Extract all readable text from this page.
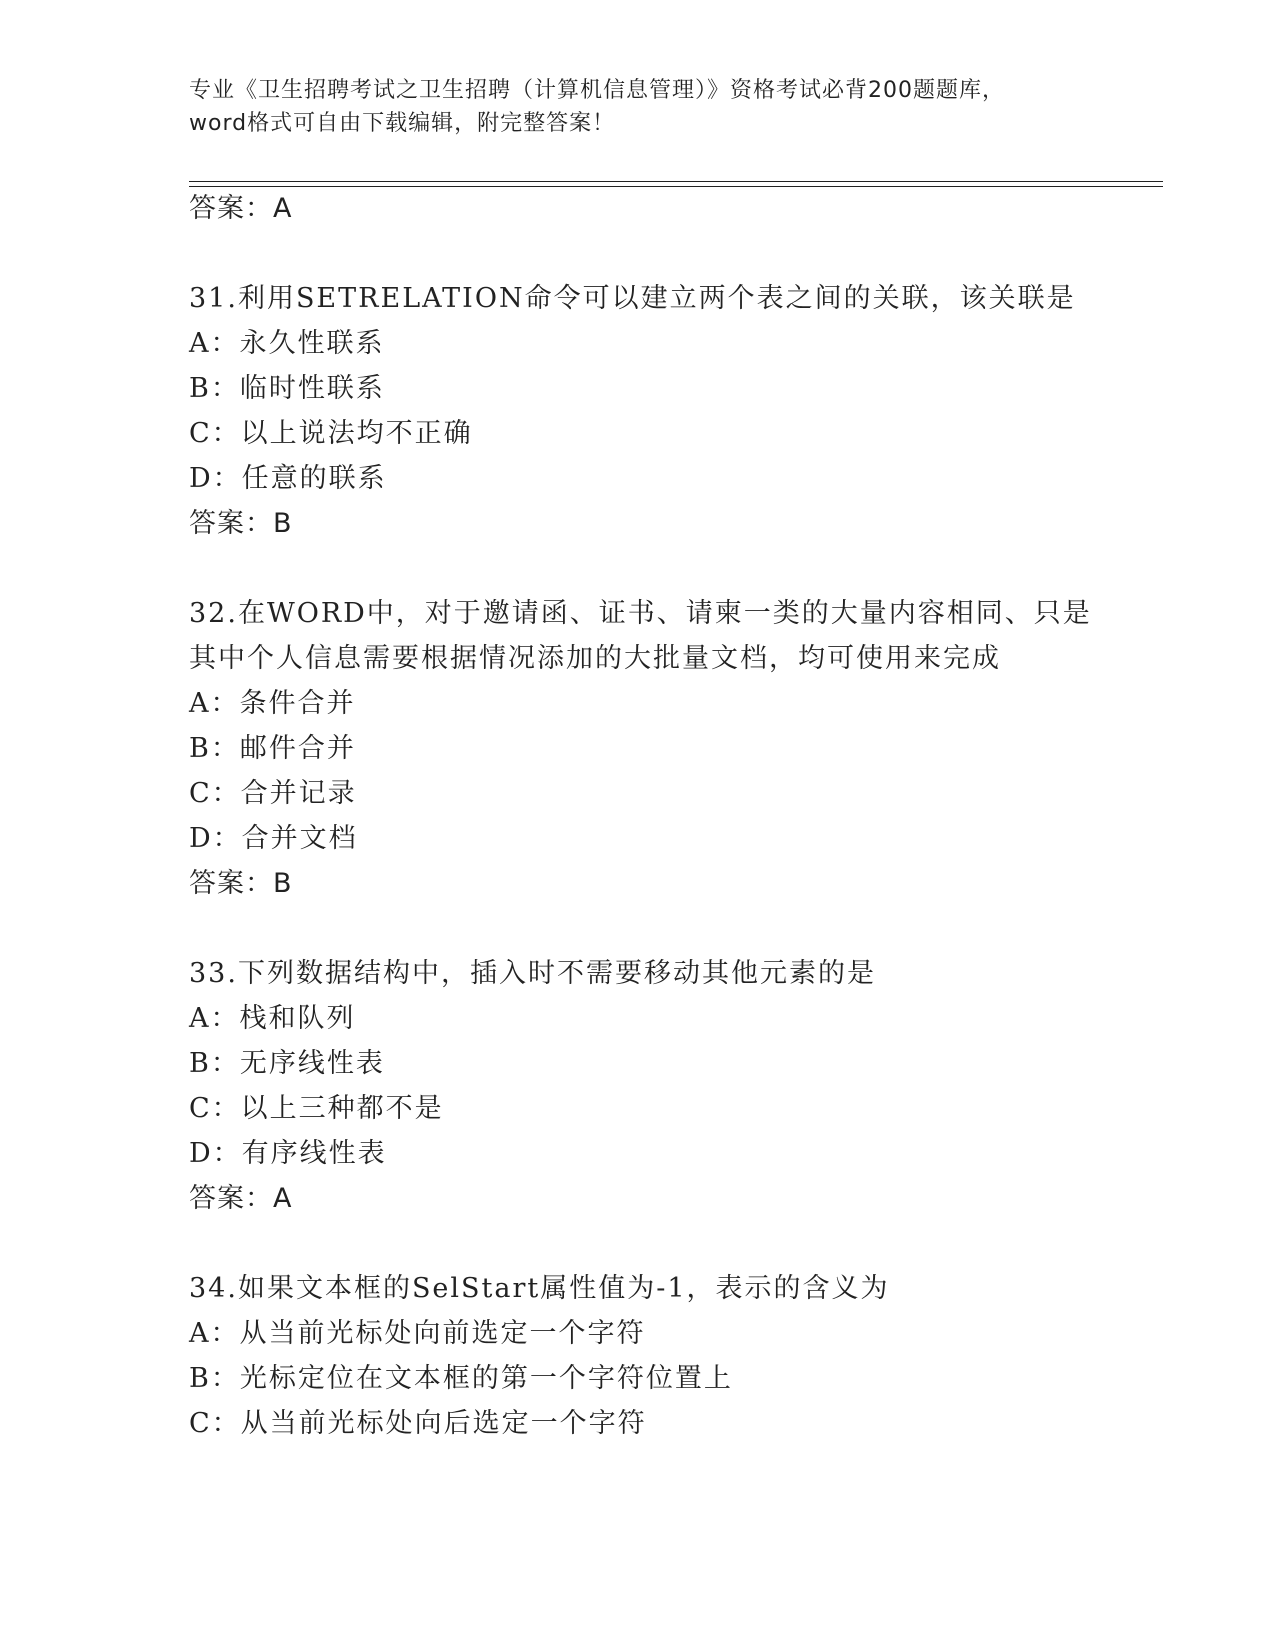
专业《卫生招聘考试之卫生招聘（计算机信息管理）》资格考试必背200题题库，
word格式可自由下载编辑，附完整答案！
答案：A
31.利用SETRELATION命令可以建立两个表之间的关联，该关联是
A：永久性联系
B：临时性联系
C：以上说法均不正确
D：任意的联系
答案：B
32.在WORD中，对于邀请函、证书、请柬一类的大量内容相同、只是
其中个人信息需要根据情况添加的大批量文档，均可使用来完成
A：条件合并
B：邮件合并
C：合并记录
D：合并文档
答案：B
33.下列数据结构中，插入时不需要移动其他元素的是
A：栈和队列
B：无序线性表
C：以上三种都不是
D：有序线性表
答案：A
34.如果文本框的SelStart属性值为-1，表示的含义为
A：从当前光标处向前选定一个字符
B：光标定位在文本框的第一个字符位置上
C：从当前光标处向后选定一个字符
